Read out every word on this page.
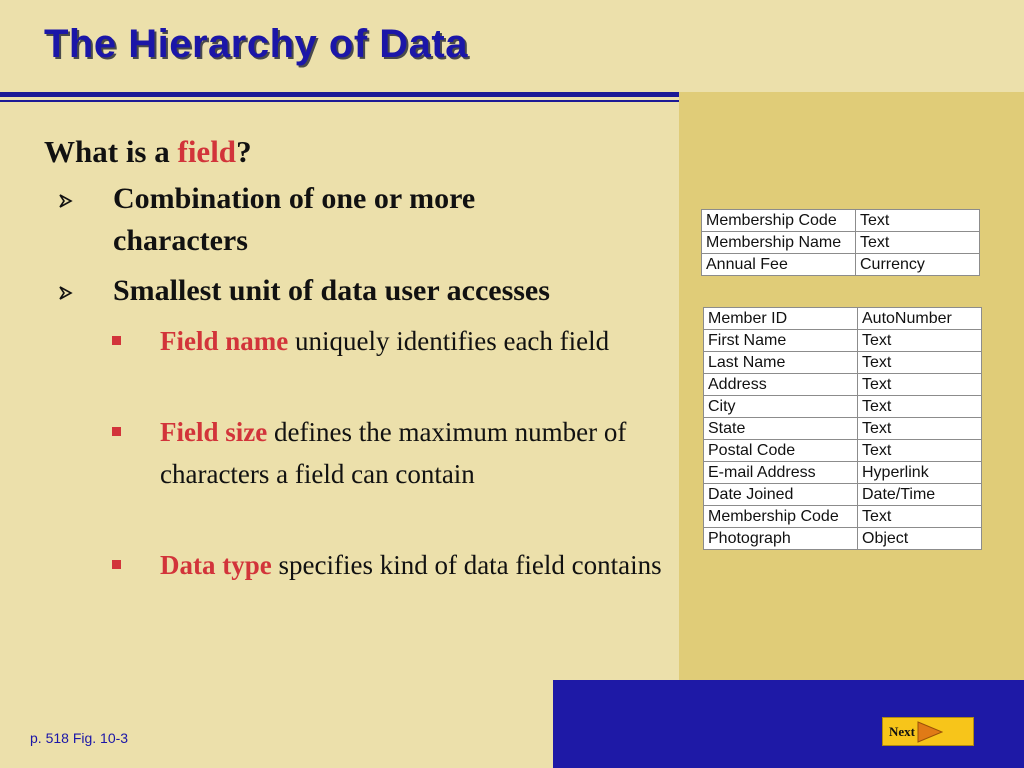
The Hierarchy of Data
What is a field?
Combination of one or more characters
Smallest unit of data user accesses
Field name uniquely identifies each field
Field size defines the maximum number of characters a field can contain
Data type specifies kind of data field contains
Membership Code	Text
Membership Name	Text
Annual Fee	Currency
Member ID	AutoNumber
First Name	Text
Last Name	Text
Address	Text
City	Text
State	Text
Postal Code	Text
E-mail Address	Hyperlink
Date Joined	Date/Time
Membership Code	Text
Photograph	Object
p. 518 Fig. 10-3	Next
